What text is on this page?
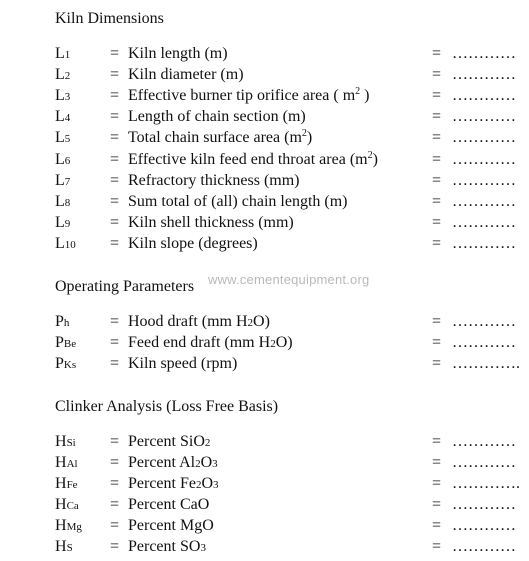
Kiln Dimensions
L1 = Kiln length (m)	= …………
L2 = Kiln diameter (m)	= …………
L3 = Effective burner tip orifice area ( $m^2$ )	= …………
L4 = Length of chain section (m)	= …………
L5 = Total chain surface area $(m^2)$	= …………
L6 = Effective kiln feed end throat area $(m^2)$	= …………
L7 = Refractory thickness (mm)	= …………
L8 = Sum total of (all) chain length (m)	= …………
L9 = Kiln shell thickness (mm)	= …………
L10 = Kiln slope (degrees)	= …………
Operating Parameters www.cementequipment.org
Ph	= Hood draft (mm H2O)	= …………
PBe = Feed end draft (mm H2O)	= …………
PKs = Kiln speed (rpm)	= ………….
Clinker Analysis (Loss Free Basis)
HSi = Percent SiO2	= …………
HAl = Percent Al2O3	= …………
HFe = Percent Fe2O3	= ………….
HCa = Percent CaO	= …………
HMg = Percent MgO	= …………
HS = Percent SO3	= …………
